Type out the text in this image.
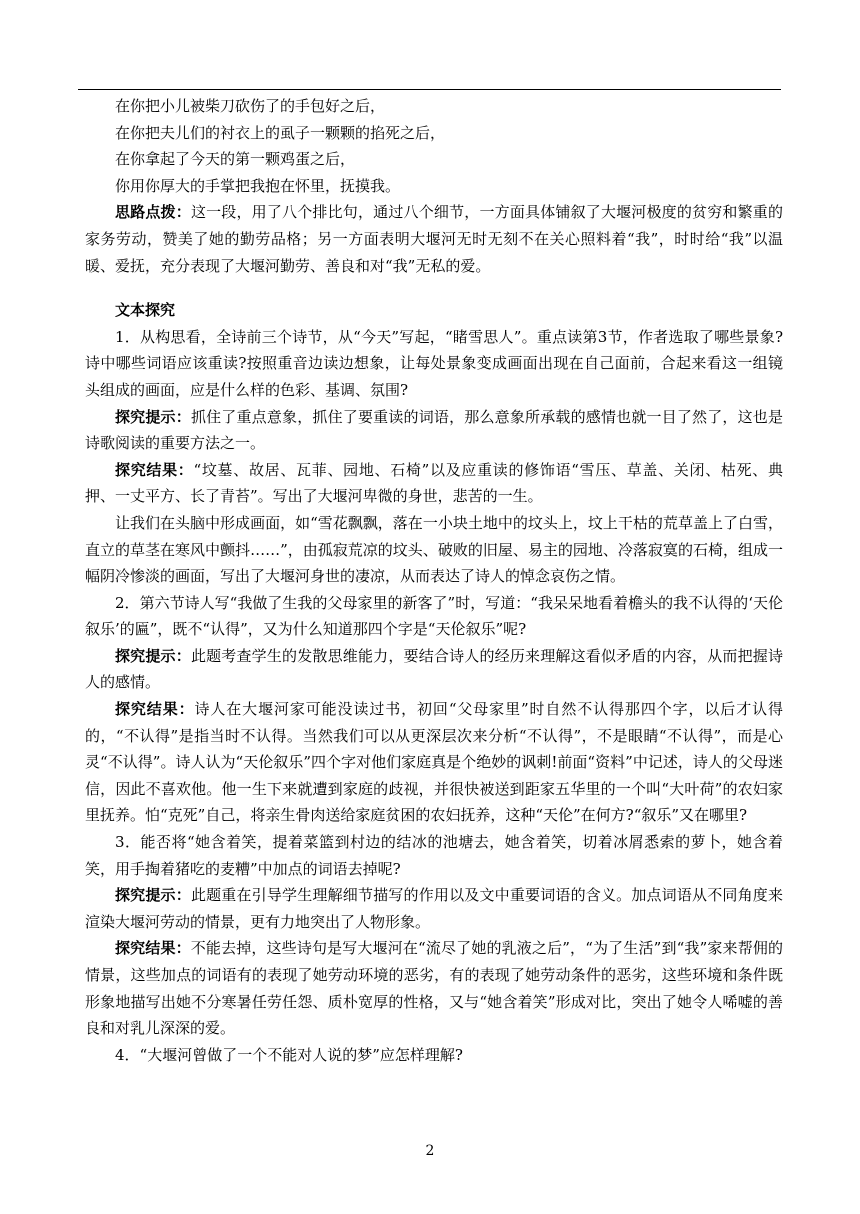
在你把小儿被柴刀砍伤了的手包好之后，

在你把夫儿们的衬衣上的虱子一颗颗的掐死之后，

在你拿起了今天的第一颗鸡蛋之后，

你用你厚大的手掌把我抱在怀里，抚摸我。

思路点拨：这一段，用了八个排比句，通过八个细节，一方面具体铺叙了大堰河极度的贫穷和繁重的家务劳动，赞美了她的勤劳品格；另一方面表明大堰河无时无刻不在关心照料着“我”，时时给“我”以温暖、爱抚，充分表现了大堰河勤劳、善良和对“我”无私的爱。

文本探究

1．从构思看，全诗前三个诗节，从“今天”写起，“睹雪思人”。重点读第3节，作者选取了哪些景象?诗中哪些词语应该重读?按照重音边读边想象，让每处景象变成画面出现在自己面前，合起来看这一组镜头组成的画面，应是什么样的色彩、基调、氛围?

探究提示：抓住了重点意象，抓住了要重读的词语，那么意象所承载的感情也就一目了然了，这也是诗歌阅读的重要方法之一。

探究结果：“坟墓、故居、瓦菲、园地、石椅”以及应重读的修饰语“雪压、草盖、关闭、枯死、典押、一丈平方、长了青苔”。写出了大堰河卑微的身世，悲苦的一生。

让我们在头脑中形成画面，如“雪花飘飘，落在一小块土地中的坟头上，坟上干枯的荒草盖上了白雪，直立的草茎在寒风中颤抖……”，由孤寂荒凉的坟头、破败的旧屋、易主的园地、冷落寂寞的石椅，组成一幅阴冷惨淡的画面，写出了大堰河身世的凄凉，从而表达了诗人的悼念哀伤之情。

2．第六节诗人写“我做了生我的父母家里的新客了”时，写道：“我呆呆地看着檐头的我不认得的‘天伦叙乐’的匾”，既不“认得”，又为什么知道那四个字是“天伦叙乐”呢?

探究提示：此题考查学生的发散思维能力，要结合诗人的经历来理解这看似矛盾的内容，从而把握诗人的感情。

探究结果：诗人在大堰河家可能没读过书，初回“父母家里”时自然不认得那四个字，以后才认得的，“不认得”是指当时不认得。当然我们可以从更深层次来分析“不认得”，不是眼睛“不认得”，而是心灵“不认得”。诗人认为“天伦叙乐”四个字对他们家庭真是个绝妙的讽刺!前面“资料”中记述，诗人的父母迷信，因此不喜欢他。他一生下来就遭到家庭的歧视，并很快被送到距家五华里的一个叫“大叶荷”的农妇家里抚养。怕“克死”自己，将亲生骨肉送给家庭贫困的农妇抚养，这种“天伦”在何方?“叙乐”又在哪里?

3．能否将“她含着笑，提着菜篮到村边的结冰的池塘去，她含着笑，切着冰屑悉索的萝卜，她含着笑，用手掏着猪吃的麦糟”中加点的词语去掉呢?

探究提示：此题重在引导学生理解细节描写的作用以及文中重要词语的含义。加点词语从不同角度来渲染大堰河劳动的情景，更有力地突出了人物形象。

探究结果：不能去掉，这些诗句是写大堰河在“流尽了她的乳液之后”，“为了生活”到“我”家来帮佣的情景，这些加点的词语有的表现了她劳动环境的恶劣，有的表现了她劳动条件的恶劣，这些环境和条件既形象地描写出她不分寒暑任劳任怨、质朴宽厚的性格，又与“她含着笑”形成对比，突出了她令人唏嘘的善良和对乳儿深深的爱。

4．“大堰河曾做了一个不能对人说的梦”应怎样理解?

2
